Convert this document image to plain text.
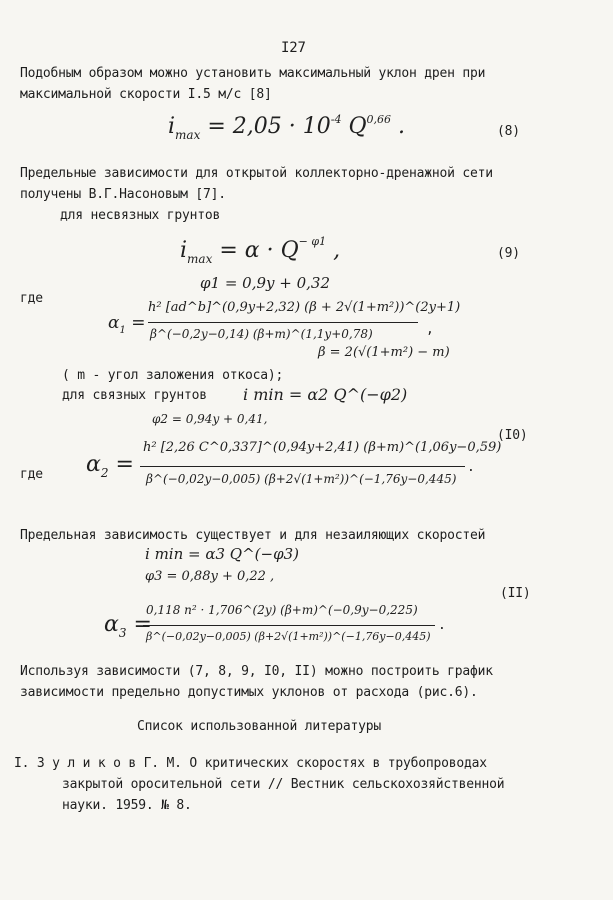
I27
Подобным образом можно установить максимальный уклон дрен при
максимальной скорости I.5 м/с [8]
$i_{max} = 2,05 \cdot 10^{-4}$ Q$^{0,66}$ .	(8)
Предельные зависимости для открытой коллекторно-дренажной сети
получены В.Г.Насоновым [7].
для несвязных грунтов
$i_{max} = \alpha \cdot Q^{- \varphi 1}$ ,	(9)
φ1 = 0,9y + 0,32
где
$\alpha_1$ =
h² [ad^b]^(0,9y+2,32) (β + 2√(1+m²))^(2y+1)
β^(−0,2y−0,14) (β+m)^(1,1y+0,78)	,
β = 2(√(1+m²) − m)
( m - угол заложения откоса);
для связных грунтов i min = α2 Q^(−φ2)
φ2 = 0,94y + 0,41,
(I0)
где $\alpha_2$ =
h² [2,26 C^0,337]^(0,94y+2,41) (β+m)^(1,06y−0,59)
β^(−0,02y−0,005) (β+2√(1+m²))^(−1,76y−0,445)
.
Предельная зависимость существует и для незаиляющих скоростей
i min = α3 Q^(−φ3)
φ3 = 0,88y + 0,22 ,
(II)
$\alpha_3$ =
0,118 n² · 1,706^(2y) (β+m)^(−0,9y−0,225)
β^(−0,02y−0,005) (β+2√(1+m²))^(−1,76y−0,445)
.
Используя зависимости (7, 8, 9, I0, II) можно построить график
зависимости предельно допустимых уклонов от расхода (рис.6).
Список использованной литературы
I. З у л и к о в Г. М. О критических скоростях в трубопроводах
закрытой оросительной сети // Вестник сельскохозяйственной
науки. 1959. № 8.
